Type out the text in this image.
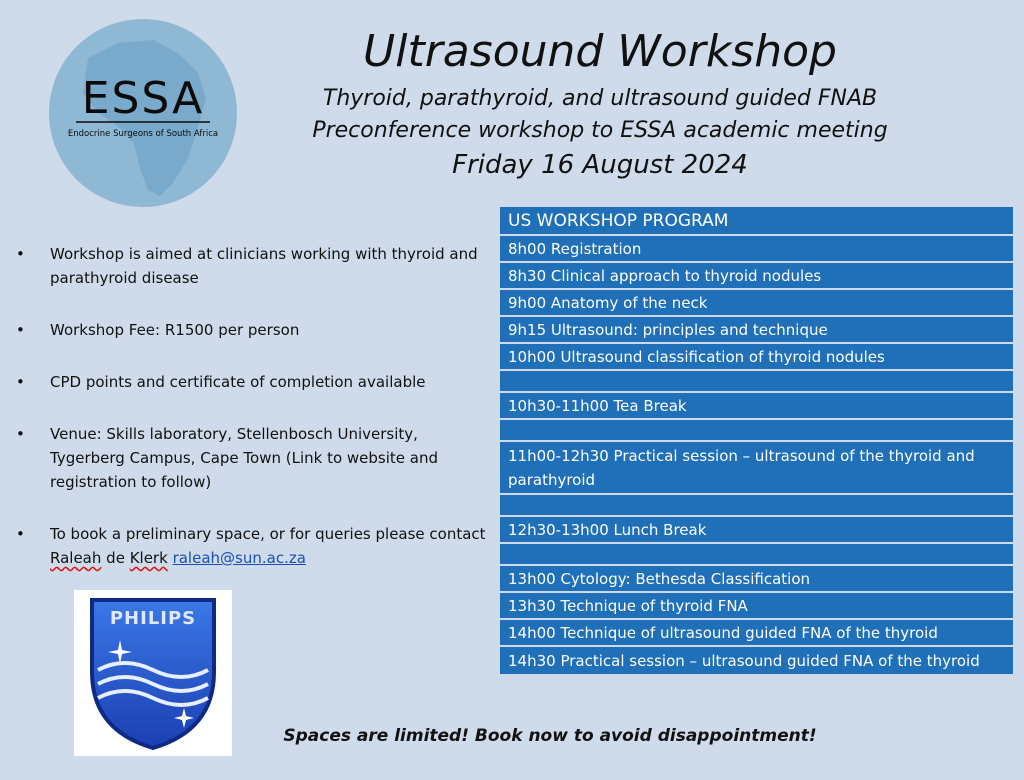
ESSA
Endocrine Surgeons of South Africa
Ultrasound Workshop
Thyroid, parathyroid, and ultrasound guided FNAB
Preconference workshop to ESSA academic meeting
Friday 16 August 2024
• Workshop is aimed at clinicians working with thyroid and parathyroid disease
• Workshop Fee: R1500 per person
• CPD points and certificate of completion available
• Venue: Skills laboratory, Stellenbosch University, Tygerberg Campus, Cape Town (Link to website and registration to follow)
• To book a preliminary space, or for queries please contact Raleah de Klerk raleah@sun.ac.za
US WORKSHOP PROGRAM
8h00 Registration
8h30 Clinical approach to thyroid nodules
9h00 Anatomy of the neck
9h15 Ultrasound: principles and technique
10h00 Ultrasound classification of thyroid nodules
10h30-11h00 Tea Break
11h00-12h30 Practical session – ultrasound of the thyroid and parathyroid
12h30-13h00 Lunch Break
13h00 Cytology: Bethesda Classification
13h30 Technique of thyroid FNA
14h00 Technique of ultrasound guided FNA of the thyroid
14h30 Practical session – ultrasound guided FNA of the thyroid
PHILIPS
Spaces are limited! Book now to avoid disappointment!
